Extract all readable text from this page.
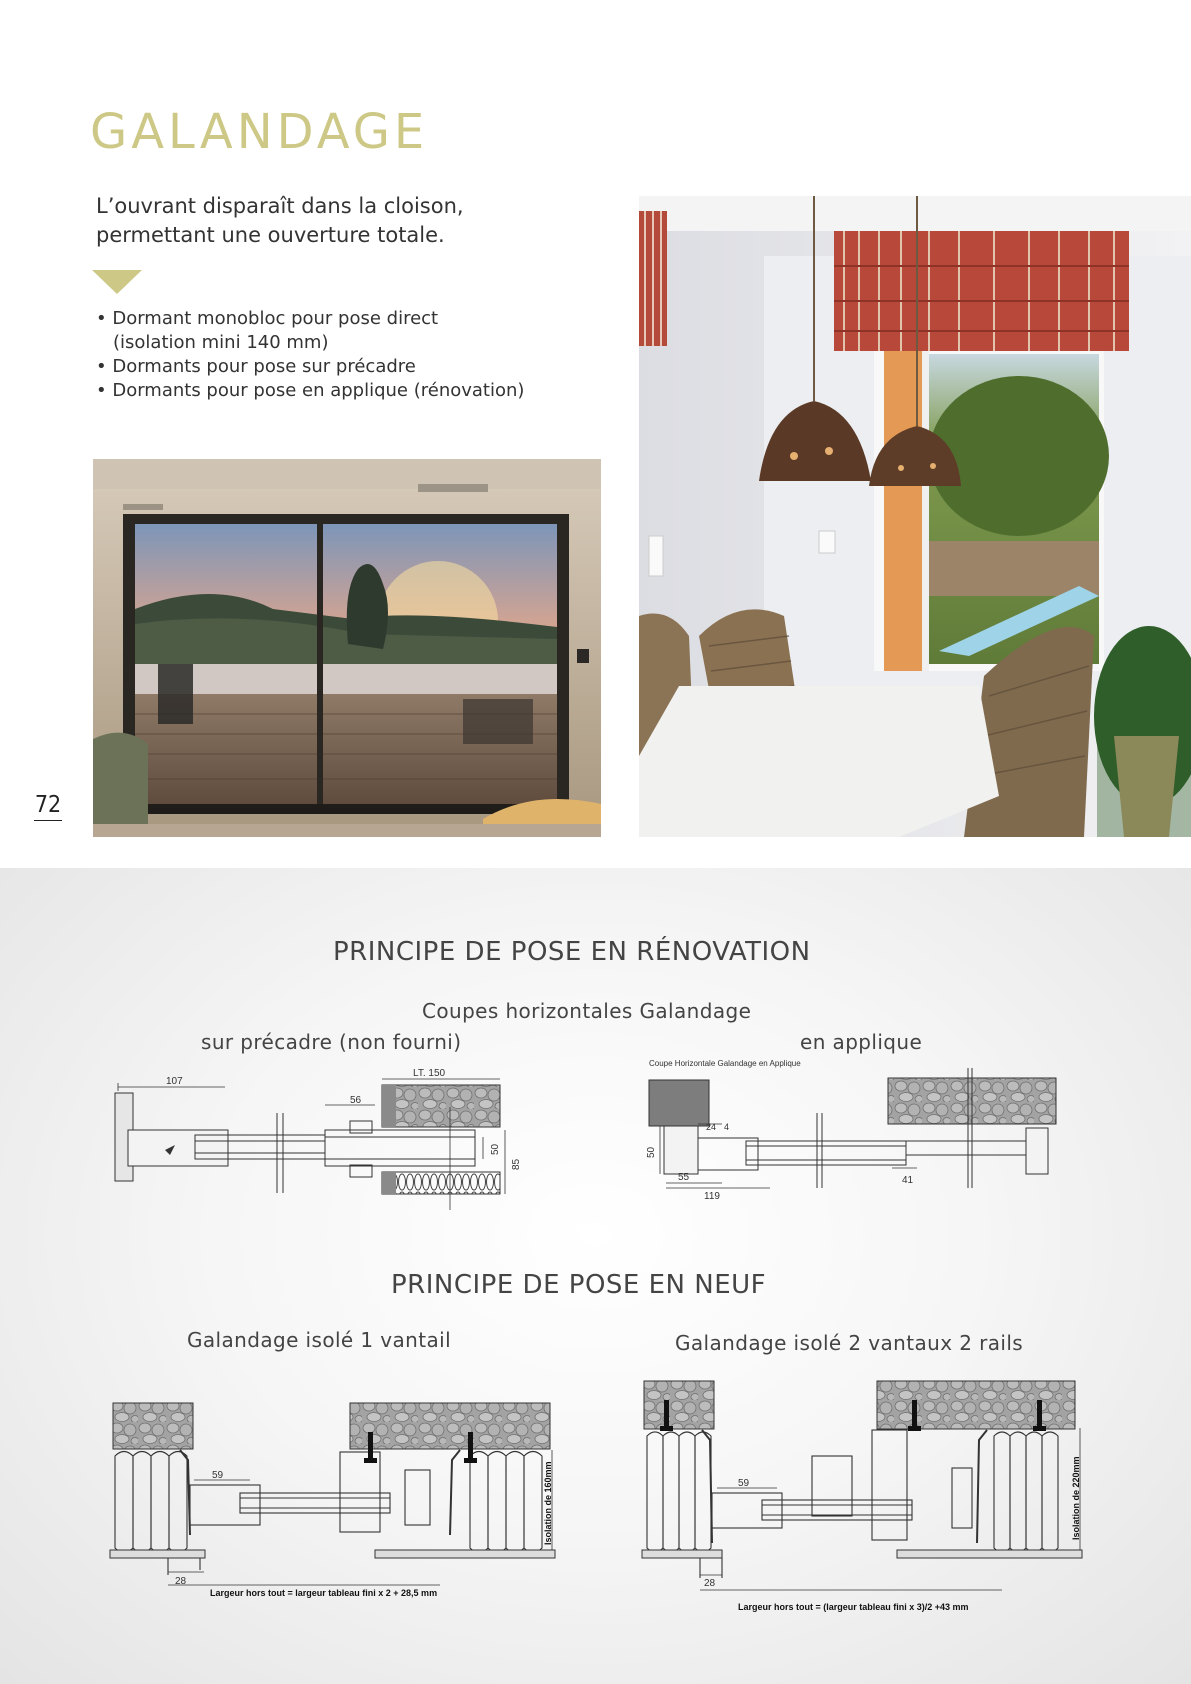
GALANDAGE

L’ouvrant disparaît dans la cloison,
permettant une ouverture totale.

• Dormant monobloc pour pose direct
(isolation mini 140 mm)
• Dormants pour pose sur précadre
• Dormants pour pose en applique (rénovation)
72
PRINCIPE DE POSE EN RÉNOVATION

Coupes horizontales Galandage

sur précadre (non fourni)	en applique

LT. 150
107
56
50
85
Coupe Horizontale Galandage en Applique
50
24 4
55
119
41
PRINCIPE DE POSE EN NEUF

Galandage isolé 1 vantail	Galandage isolé 2 vantaux 2 rails

59
28
Isolation de 160mm
Largeur hors tout = largeur tableau fini x 2 + 28,5 mm
59
28
Isolation de 220mm
Largeur hors tout = (largeur tableau fini x 3)/2 +43 mm
